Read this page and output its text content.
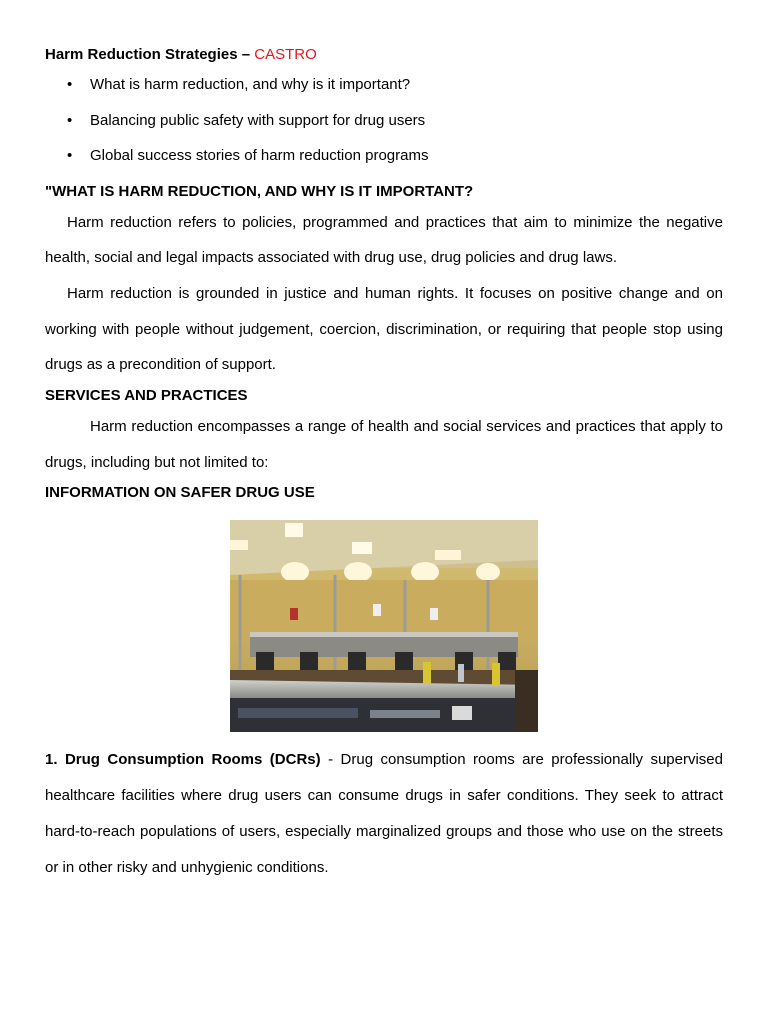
Harm Reduction Strategies – CASTRO
• What is harm reduction, and why is it important?
• Balancing public safety with support for drug users
• Global success stories of harm reduction programs
"WHAT IS HARM REDUCTION, AND WHY IS IT IMPORTANT?

Harm reduction refers to policies, programmed and practices that aim to minimize the negative health, social and legal impacts associated with drug use, drug policies and drug laws.

Harm reduction is grounded in justice and human rights. It focuses on positive change and on working with people without judgement, coercion, discrimination, or requiring that people stop using drugs as a precondition of support.

SERVICES AND PRACTICES

Harm reduction encompasses a range of health and social services and practices that apply to drugs, including but not limited to:

INFORMATION ON SAFER DRUG USE

1. Drug Consumption Rooms (DCRs) - Drug consumption rooms are professionally supervised healthcare facilities where drug users can consume drugs in safer conditions. They seek to attract hard-to-reach populations of users, especially marginalized groups and those who use on the streets or in other risky and unhygienic conditions.
